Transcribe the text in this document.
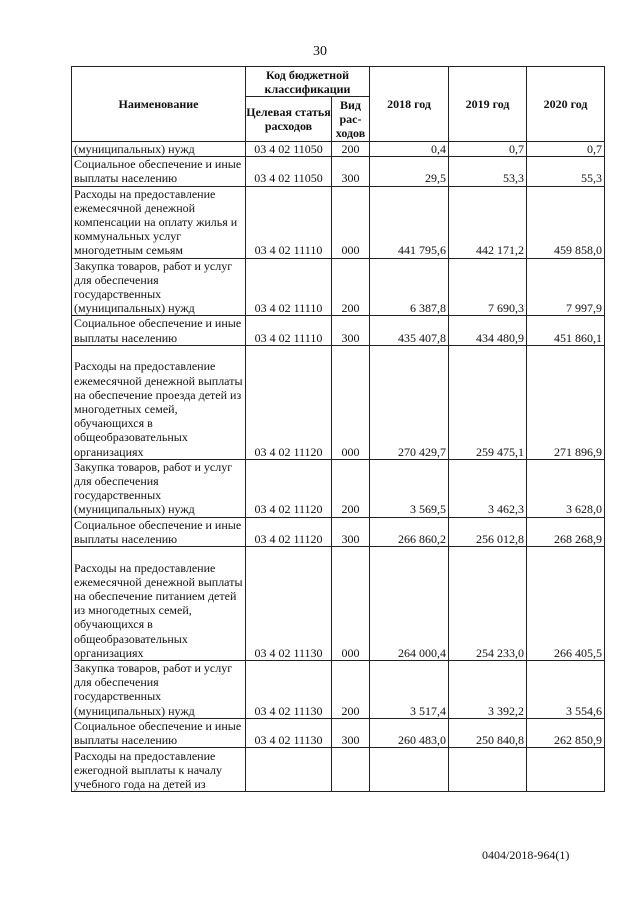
30
Наименование	Код бюджетной классификации		2018 год	2019 год	2020 год
	Целевая статья расходов	Вид рас-ходов			
(муниципальных) нужд	03 4 02 11050	200	0,4	0,7	0,7
Социальное обеспечение и иные выплаты населению	03 4 02 11050	300	29,5	53,3	55,3
Расходы на предоставление ежемесячной денежной компенсации на оплату жилья и коммунальных услуг многодетным семьям	03 4 02 11110	000	441 795,6	442 171,2	459 858,0
Закупка товаров, работ и услуг для обеспечения государственных (муниципальных) нужд	03 4 02 11110	200	6 387,8	7 690,3	7 997,9
Социальное обеспечение и иные выплаты населению	03 4 02 11110	300	435 407,8	434 480,9	451 860,1
Расходы на предоставление ежемесячной денежной выплаты на обеспечение проезда детей из многодетных семей, обучающихся в общеобразовательных организациях	03 4 02 11120	000	270 429,7	259 475,1	271 896,9
Закупка товаров, работ и услуг для обеспечения государственных (муниципальных) нужд	03 4 02 11120	200	3 569,5	3 462,3	3 628,0
Социальное обеспечение и иные выплаты населению	03 4 02 11120	300	266 860,2	256 012,8	268 268,9
Расходы на предоставление ежемесячной денежной выплаты на обеспечение питанием детей из многодетных семей, обучающихся в общеобразовательных организациях	03 4 02 11130	000	264 000,4	254 233,0	266 405,5
Закупка товаров, работ и услуг для обеспечения государственных (муниципальных) нужд	03 4 02 11130	200	3 517,4	3 392,2	3 554,6
Социальное обеспечение и иные выплаты населению	03 4 02 11130	300	260 483,0	250 840,8	262 850,9
Расходы на предоставление ежегодной выплаты к началу учебного года на детей из					
0404/2018-964(1)
